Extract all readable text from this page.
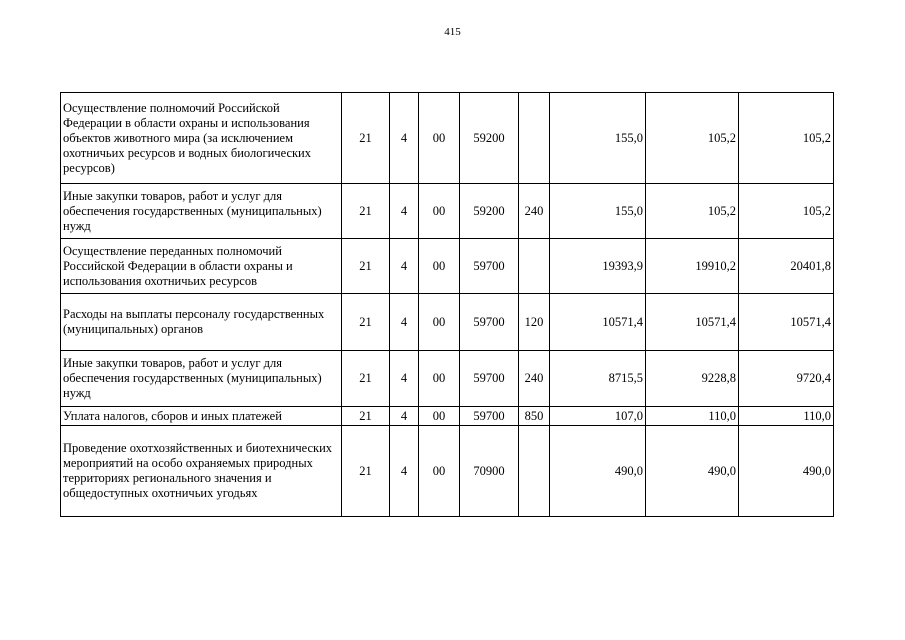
415
Осуществление полномочий Российской Федерации в области охраны и использования объектов животного мира (за исключением охотничьих ресурсов и водных биологических ресурсов)	21	4	00	59200		155,0	105,2	105,2
Иные закупки товаров, работ и услуг для обеспечения государственных (муниципальных) нужд	21	4	00	59200	240	155,0	105,2	105,2
Осуществление переданных полномочий Российской Федерации в области охраны и использования охотничьих ресурсов	21	4	00	59700		19393,9	19910,2	20401,8
Расходы на выплаты персоналу государственных (муниципальных) органов	21	4	00	59700	120	10571,4	10571,4	10571,4
Иные закупки товаров, работ и услуг для обеспечения государственных (муниципальных) нужд	21	4	00	59700	240	8715,5	9228,8	9720,4
Уплата налогов, сборов и иных платежей	21	4	00	59700	850	107,0	110,0	110,0
Проведение охотхозяйственных и биотехнических мероприятий на особо охраняемых природных территориях регионального значения и общедоступных охотничьих угодьях	21	4	00	70900		490,0	490,0	490,0
